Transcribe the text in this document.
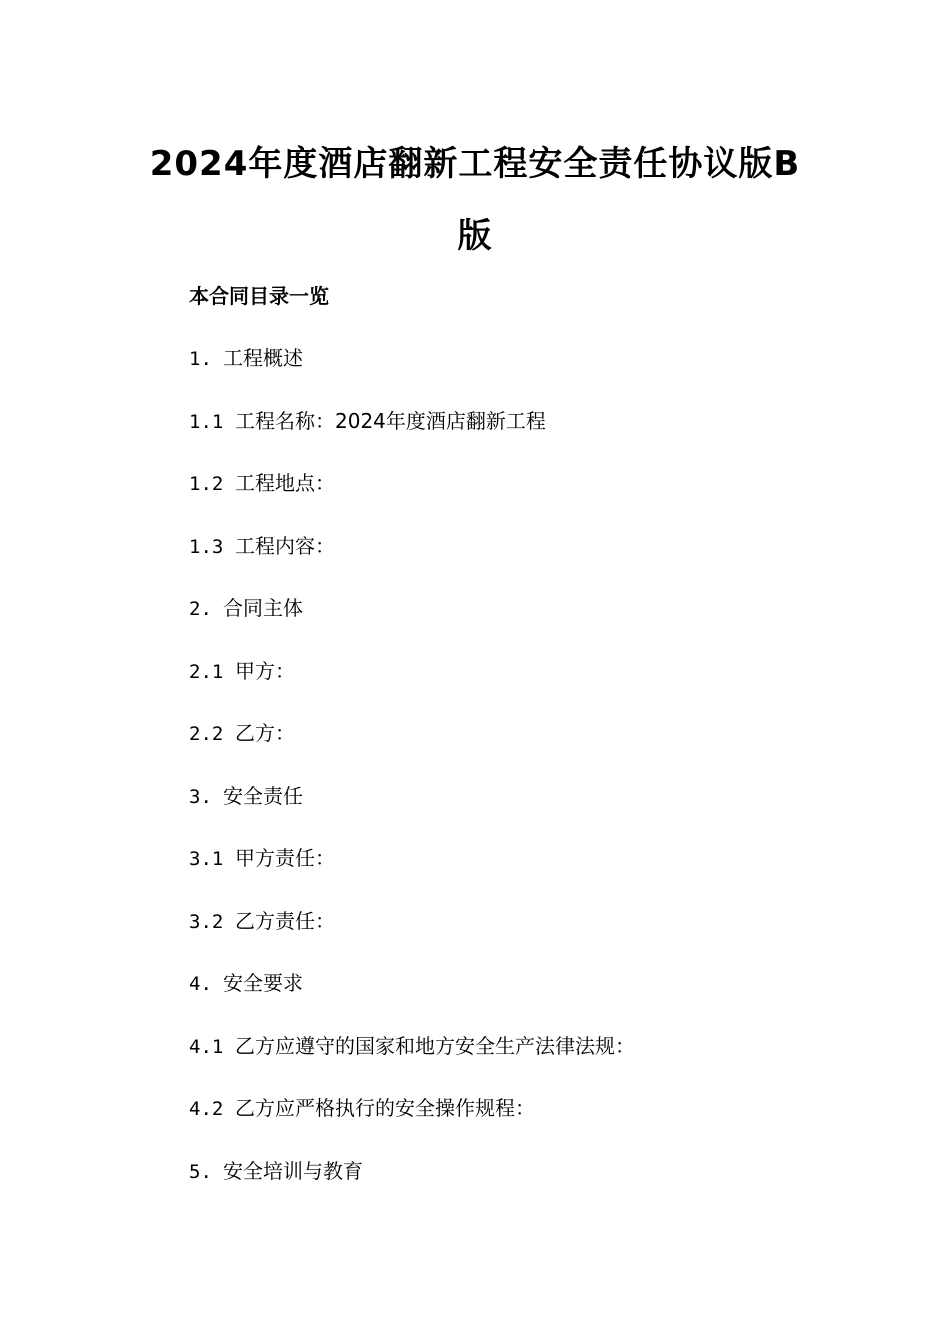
2024年度酒店翻新工程安全责任协议版B
版
本合同目录一览
1. 工程概述
1.1 工程名称：2024年度酒店翻新工程
1.2 工程地点：
1.3 工程内容：
2. 合同主体
2.1 甲方：
2.2 乙方：
3. 安全责任
3.1 甲方责任：
3.2 乙方责任：
4. 安全要求
4.1 乙方应遵守的国家和地方安全生产法律法规：
4.2 乙方应严格执行的安全操作规程：
5. 安全培训与教育
